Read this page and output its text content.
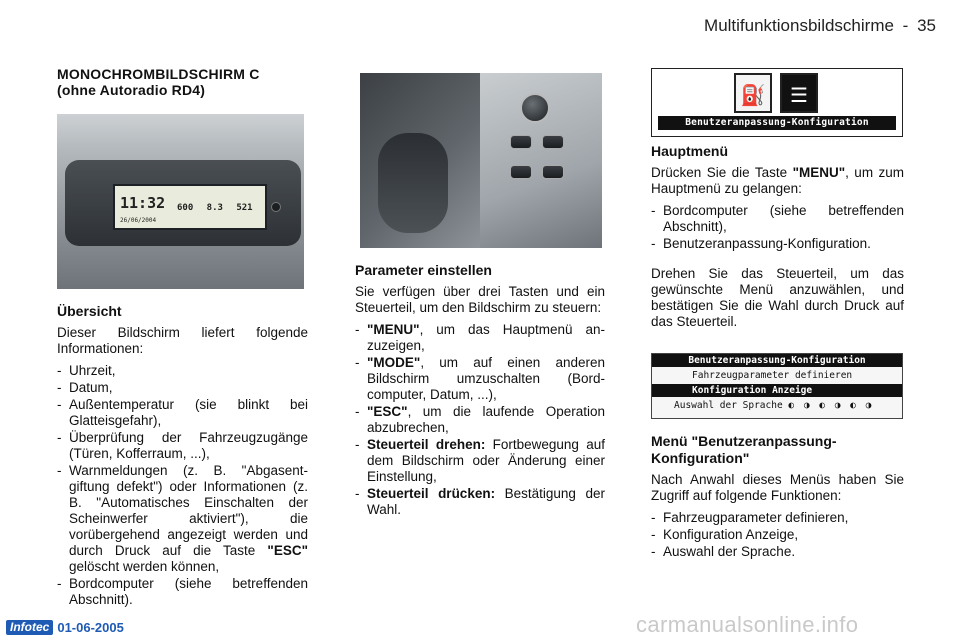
Multifunktionsbildschirme - 35
MONOCHROMBILDSCHIRM C
(ohne Autoradio RD4)
11:32
26/06/2004
600 8.3 521
Übersicht

Dieser Bildschirm liefert folgende Informationen:

- Uhrzeit,
- Datum,
- Außentemperatur (sie blinkt bei Glatteisgefahr),
- Überprüfung der Fahrzeugzugänge (Türen, Kofferraum, ...),
- Warnmeldungen (z. B. "Abgasent-giftung defekt") oder Informationen (z. B. "Automatisches Einschalten der Scheinwerfer aktiviert"), die vorübergehend angezeigt werden und durch Druck auf die Taste "ESC" gelöscht werden können,
- Bordcomputer (siehe betreffenden Abschnitt).
Parameter einstellen

Sie verfügen über drei Tasten und ein Steuerteil, um den Bildschirm zu steuern:

- "MENU", um das Hauptmenü an-zuzeigen,
- "MODE", um auf einen anderen Bildschirm umzuschalten (Bord-computer, Datum, ...),
- "ESC", um die laufende Operation abzubrechen,
- Steuerteil drehen: Fortbewegung auf dem Bildschirm oder Änderung einer Einstellung,
- Steuerteil drücken: Bestätigung der Wahl.
⛽	☰
Benutzeranpassung-Konfiguration
Hauptmenü

Drücken Sie die Taste "MENU", um zum Hauptmenü zu gelangen:

- Bordcomputer (siehe betreffenden Abschnitt),
- Benutzeranpassung-Konfiguration.

Drehen Sie das Steuerteil, um das gewünschte Menü anzuwählen, und bestätigen Sie die Wahl durch Druck auf das Steuerteil.

Benutzeranpassung-Konfiguration
Fahrzeugparameter definieren
Konfiguration Anzeige
Auswahl der Sprache ◐ ◑ ◐ ◑ ◐ ◑
Menü "Benutzeranpassung-
Konfiguration"

Nach Anwahl dieses Menüs haben Sie Zugriff auf folgende Funktionen:

- Fahrzeugparameter definieren,
- Konfiguration Anzeige,
- Auswahl der Sprache.
Infotec 01-06-2005	carmanualsonline.info
